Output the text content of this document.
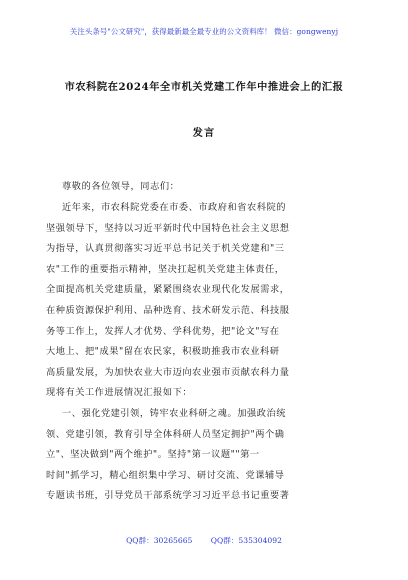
关注头条号"公文研究"，获得最新最全最专业的公文资料库！ 微信：gongwenyj
市农科院在2024年全市机关党建工作年中推进会上的汇报
发言
尊敬的各位领导，同志们：
近年来，市农科院党委在市委、市政府和省农科院的
坚强领导下，坚持以习近平新时代中国特色社会主义思想
为指导，认真贯彻落实习近平总书记关于机关党建和"三
农"工作的重要指示精神，坚决扛起机关党建主体责任，
全面提高机关党建质量，紧紧围绕农业现代化发展需求，
在种质资源保护利用、品种选育、技术研发示范、科技服
务等工作上，发挥人才优势、学科优势，把"论文"写在
大地上、把"成果"留在农民家，积极助推我市农业科研
高质量发展，为加快农业大市迈向农业强市贡献农科力量
现将有关工作进展情况汇报如下：
一、强化党建引领，铸牢农业科研之魂。加强政治统
领、党建引领，教育引导全体科研人员坚定拥护"两个确
立"、坚决做到"两个维护"。坚持"第一议题""第一
时间"抓学习，精心组织集中学习、研讨交流、党课辅导
专题读书班，引导党员干部系统学习习近平总书记重要著
QQ群：30265665 QQ群：535304092
